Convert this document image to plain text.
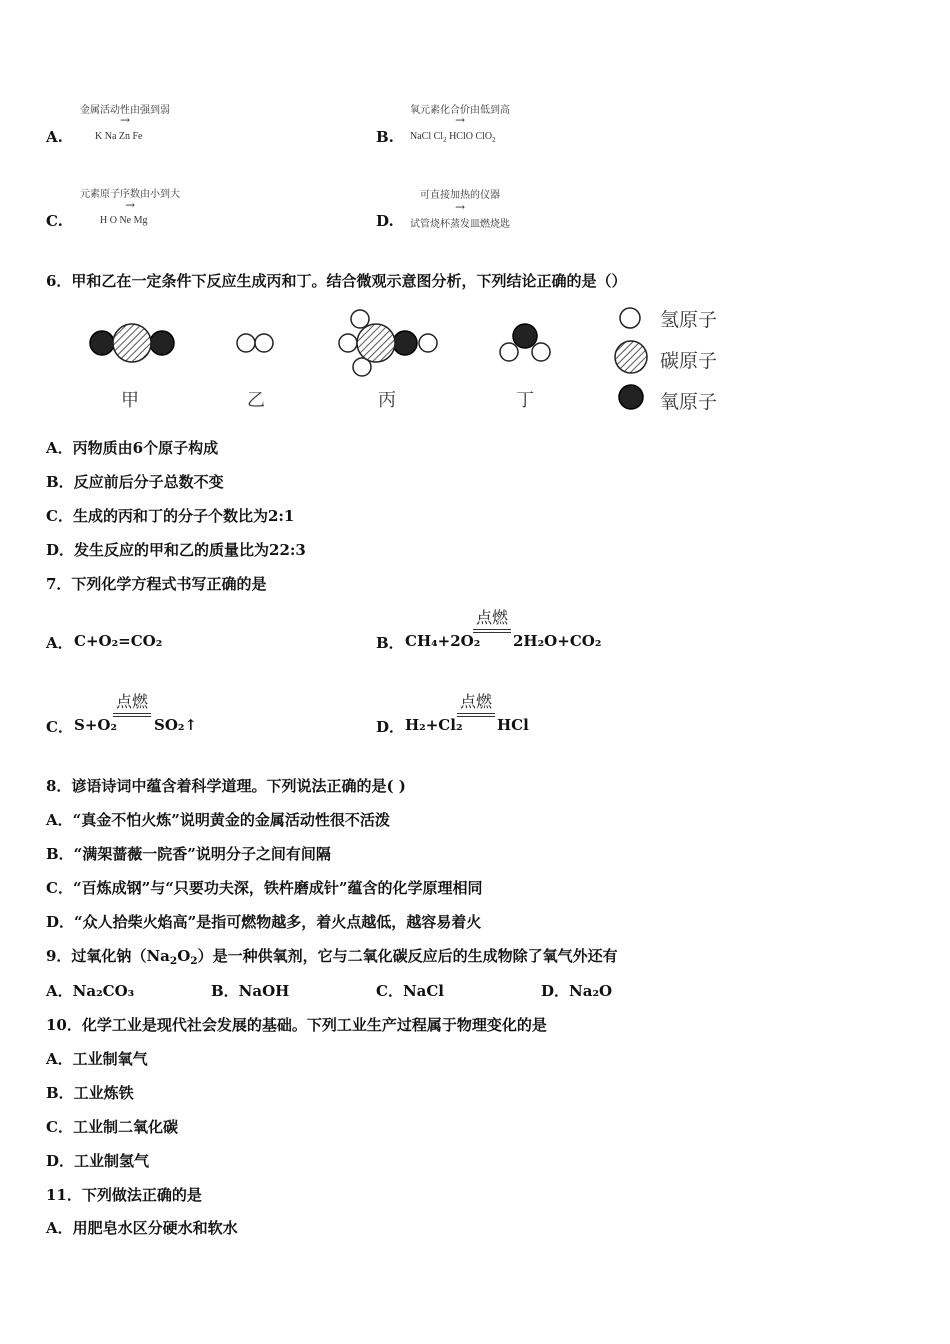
A.
金属活动性由强到弱
→
K Na Zn Fe	B.
氧元素化合价由低到高
→
NaCl $Cl_2$ HClO ClO$_2$
C.
元素原子序数由小到大
→
H O Ne Mg	D.
可直接加热的仪器
→
试管烧杯蒸发皿燃烧匙
6．甲和乙在一定条件下反应生成丙和丁。结合微观示意图分析，下列结论正确的是（）
甲	乙	丙	丁
氢原子
碳原子
氧原子
A．丙物质由6个原子构成
B．反应前后分子总数不变
C．生成的丙和丁的分子个数比为2:1
D．发生反应的甲和乙的质量比为22:3
7．下列化学方程式书写正确的是
A． C+O₂=CO₂	B． CH₄+2O₂
点燃
2H₂O+CO₂
C． S+O₂
点燃
SO₂↑	D． H₂+Cl₂
点燃
HCl
8．谚语诗词中蕴含着科学道理。下列说法正确的是( )
A．“真金不怕火炼”说明黄金的金属活动性很不活泼
B．“满架蔷薇一院香”说明分子之间有间隔
C．“百炼成钢”与“只要功夫深，铁杵磨成针”蕴含的化学原理相同
D．“众人拾柴火焰高”是指可燃物越多，着火点越低，越容易着火
9．过氧化钠$(Na_2O_2)$是一种供氧剂，它与二氧化碳反应后的生成物除了氧气外还有
A．Na₂CO₃	B．NaOH	C．NaCl	D．Na₂O
10．化学工业是现代社会发展的基础。下列工业生产过程属于物理变化的是
A．工业制氧气
B．工业炼铁
C．工业制二氧化碳
D．工业制氢气
11．下列做法正确的是
A．用肥皂水区分硬水和软水
